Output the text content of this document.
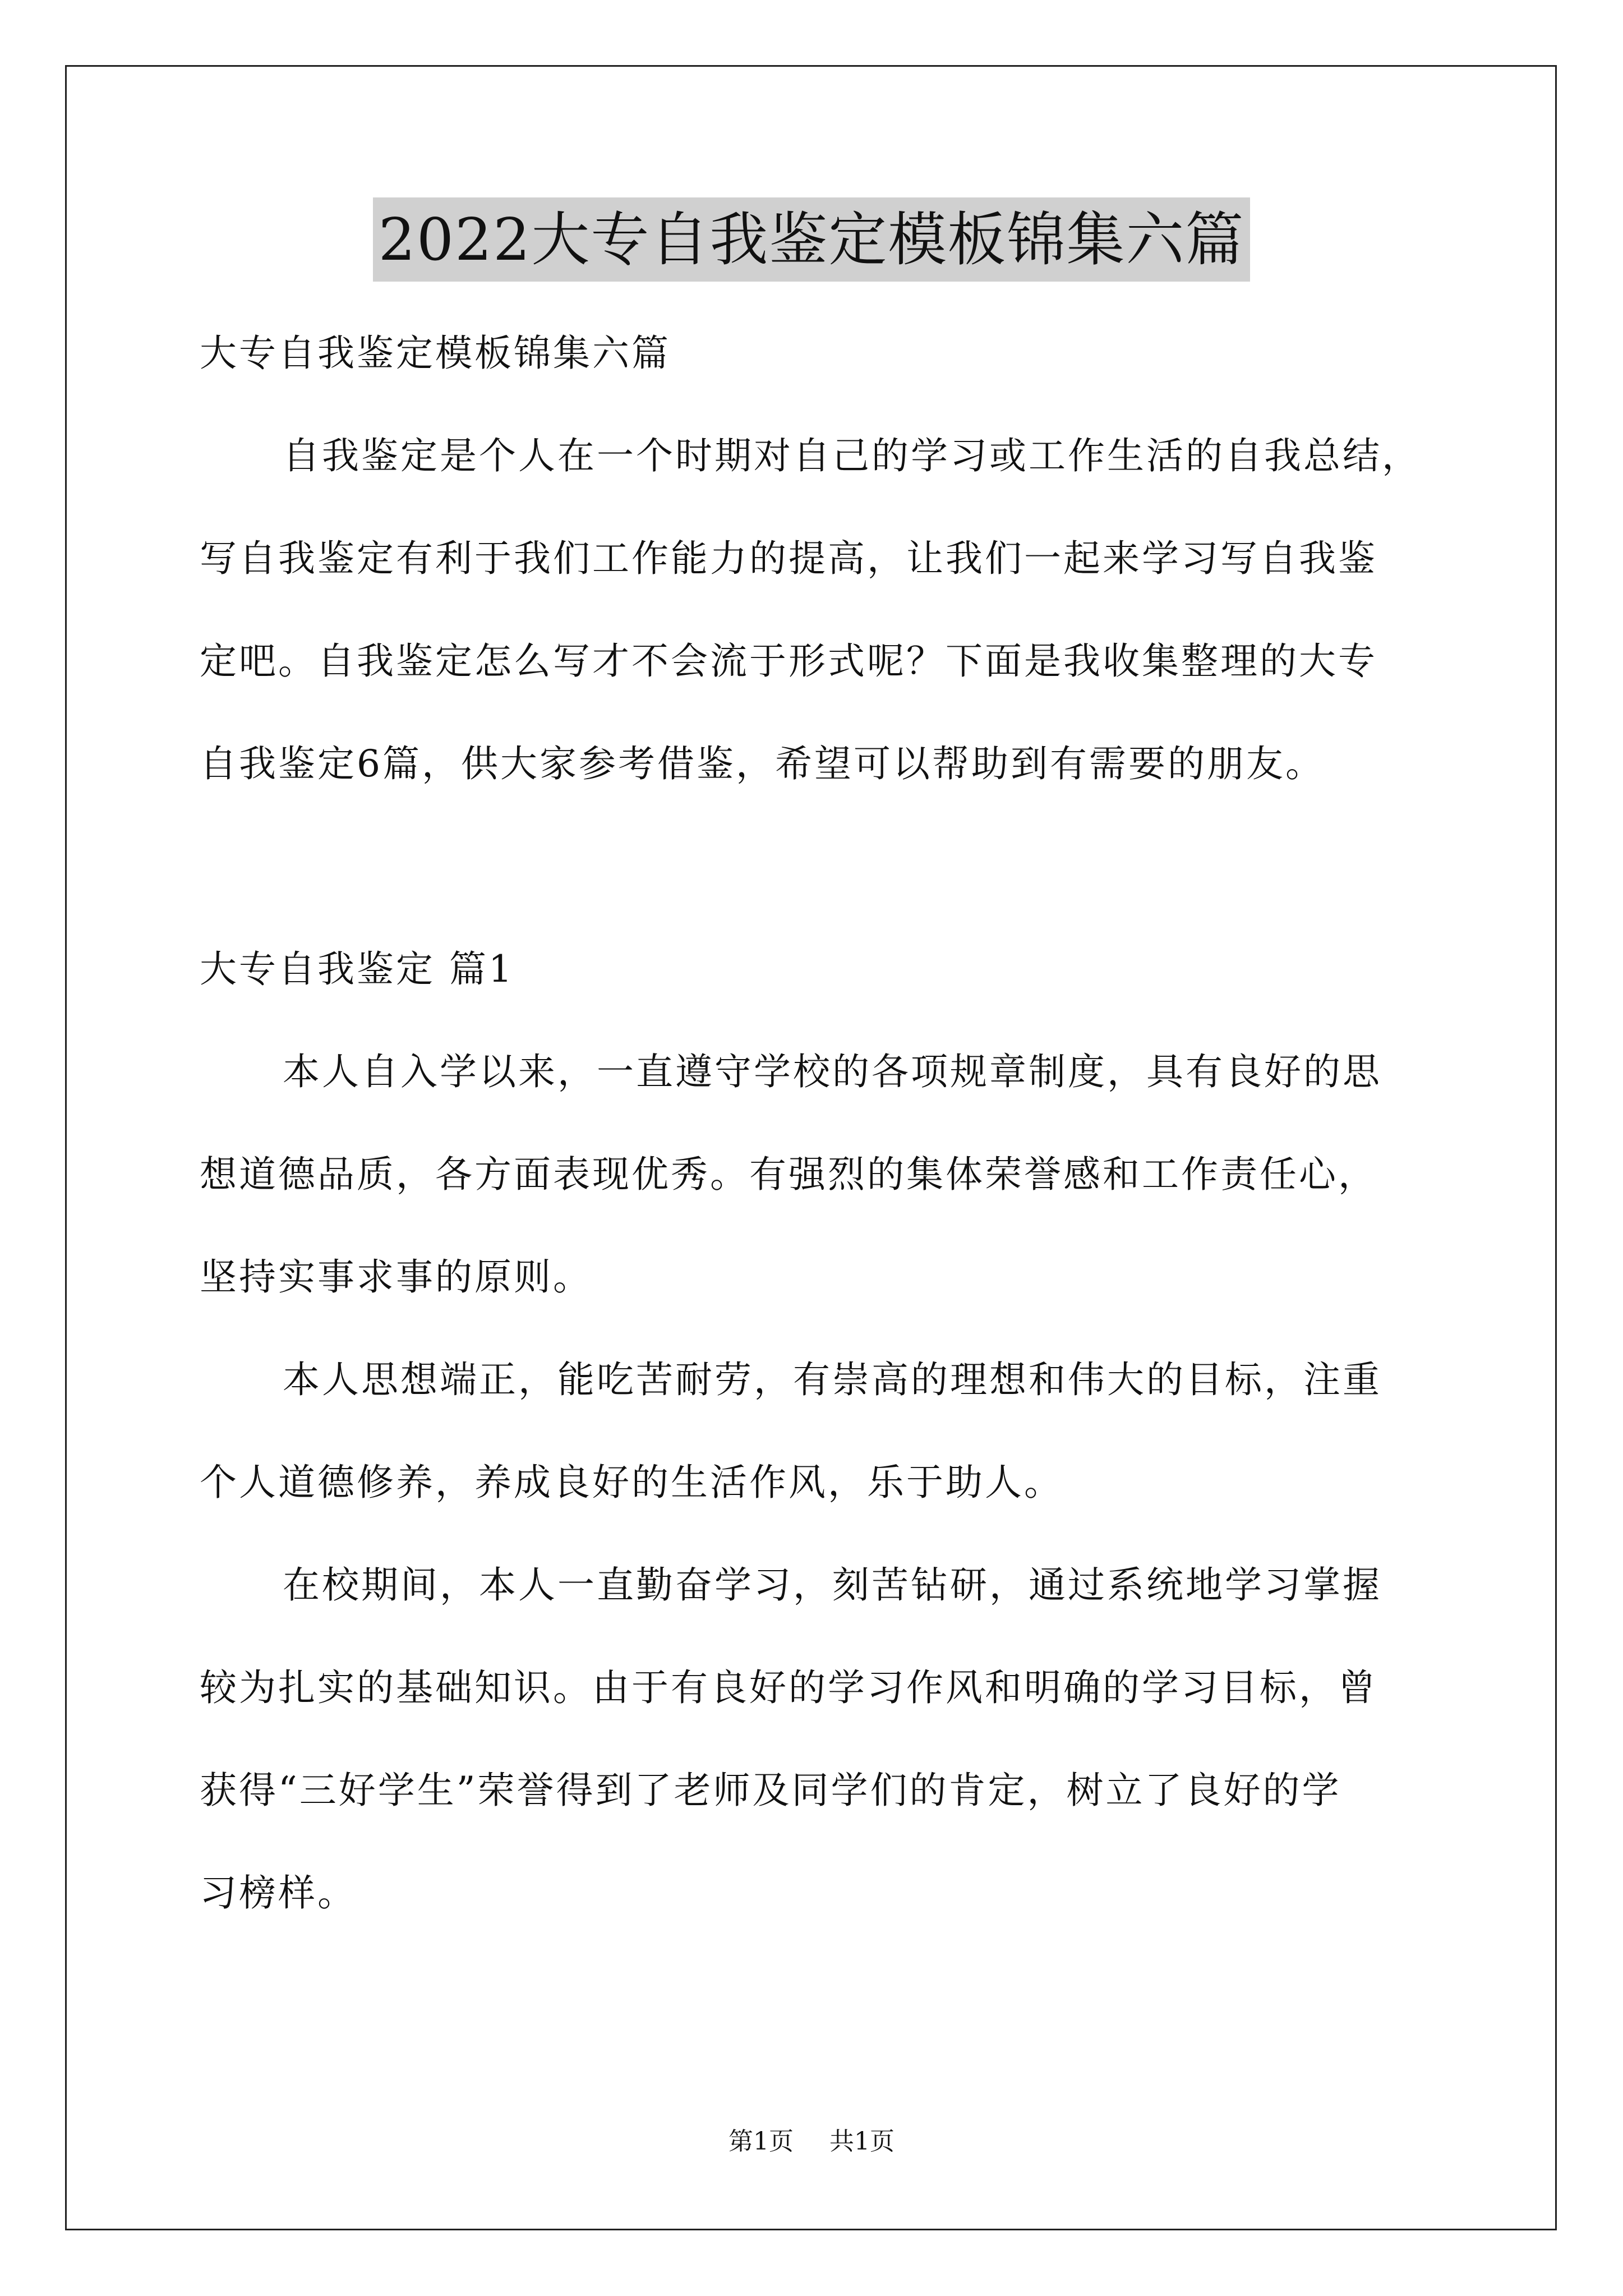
2022大专自我鉴定模板锦集六篇

大专自我鉴定模板锦集六篇

自我鉴定是个人在一个时期对自己的学习或工作生活的自我总结，

写自我鉴定有利于我们工作能力的提高，让我们一起来学习写自我鉴

定吧。自我鉴定怎么写才不会流于形式呢？下面是我收集整理的大专

自我鉴定6篇，供大家参考借鉴，希望可以帮助到有需要的朋友。

大专自我鉴定 篇1

本人自入学以来，一直遵守学校的各项规章制度，具有良好的思

想道德品质，各方面表现优秀。有强烈的集体荣誉感和工作责任心，

坚持实事求事的原则。

本人思想端正，能吃苦耐劳，有崇高的理想和伟大的目标，注重

个人道德修养，养成良好的生活作风，乐于助人。

在校期间，本人一直勤奋学习，刻苦钻研，通过系统地学习掌握

较为扎实的基础知识。由于有良好的学习作风和明确的学习目标，曾

获得“三好学生”荣誉得到了老师及同学们的肯定，树立了良好的学

习榜样。

第1页 共1页
